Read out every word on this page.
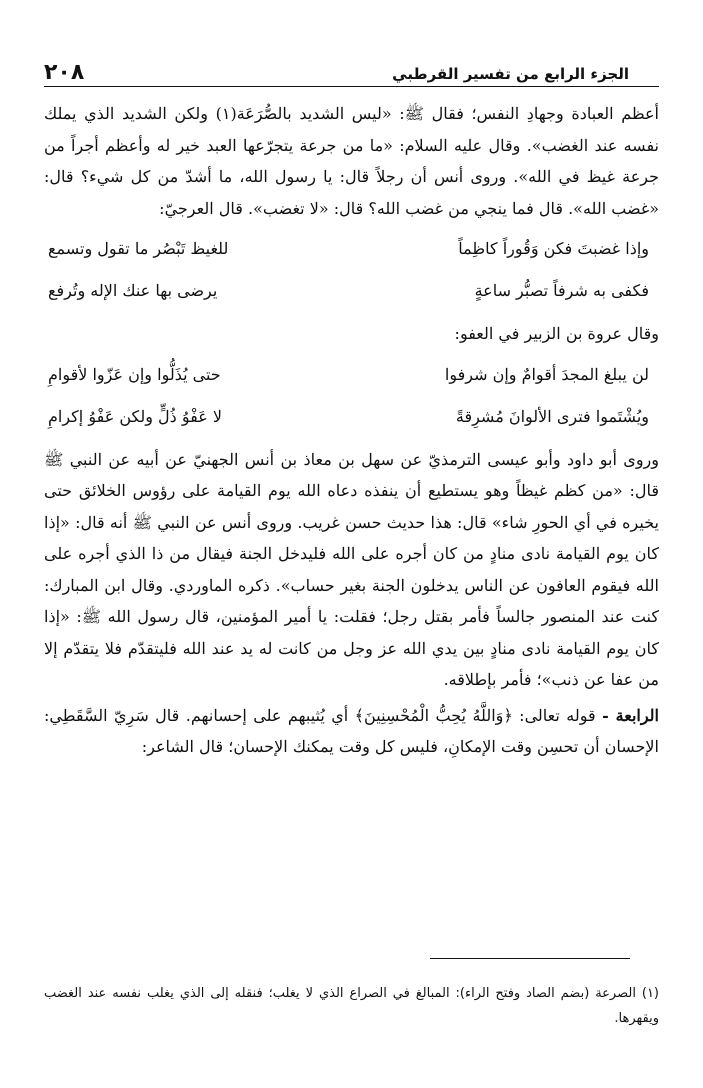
الجزء الرابع من تفسير القرطبي
٢٠٨

أعظم العبادة وجهادِ النفس؛ فقال ﷺ: «ليس الشديد بالصُّرَعَة(١) ولكن الشديد الذي يملك نفسه عند الغضب». وقال عليه السلام: «ما من جرعة يتجرّعها العبد خير له وأعظم أجراً من جرعة غيظ في الله». وروى أنس أن رجلاً قال: يا رسول الله، ما أشدّ من كل شيء؟ قال: «غضب الله». قال فما ينجي من غضب الله؟ قال: «لا تغضب». قال العرجيّ:

وإذا غضبتَ فكن وَقُوراً كاظِماً
للغيظ تَبْصُر ما تقول وتسمع
فكفى به شرفاً تصبُّر ساعةٍ
يرضى بها عنك الإله وتُرفع

وقال عروة بن الزبير في العفو:

لن يبلغ المجدَ أقوامٌ وإن شرفوا
حتى يُذَلُّوا وإن عَزّوا لأقوامِ
ويُشْتَموا فترى الألوانَ مُشرِقةً
لا عَفْوُ ذُلٍّ ولكن عَفْوُ إكرامِ

وروى أبو داود وأبو عيسى الترمذيّ عن سهل بن معاذ بن أنس الجهنيّ عن أبيه عن النبي ﷺ قال: «من كظم غيظاً وهو يستطيع أن ينفذه دعاه الله يوم القيامة على رؤوس الخلائق حتى يخيره في أي الحورِ شاء» قال: هذا حديث حسن غريب. وروى أنس عن النبي ﷺ أنه قال: «إذا كان يوم القيامة نادى منادٍ من كان أجره على الله فليدخل الجنة فيقال من ذا الذي أجره على الله فيقوم العافون عن الناس يدخلون الجنة بغير حساب». ذكره الماوردي. وقال ابن المبارك: كنت عند المنصور جالساً فأمر بقتل رجل؛ فقلت: يا أمير المؤمنين، قال رسول الله ﷺ: «إذا كان يوم القيامة نادى منادٍ بين يدي الله عز وجل من كانت له يد عند الله فليتقدّم فلا يتقدّم إلا من عفا عن ذنب»؛ فأمر بإطلاقه.

الرابعة - قوله تعالى: ﴿وَاللَّهُ يُحِبُّ الْمُحْسِنِينَ﴾ أي يُثيبهم على إحسانهم. قال سَرِيّ السَّقَطِي: الإحسان أن تحسِن وقت الإمكانِ، فليس كل وقت يمكنك الإحسان؛ قال الشاعر:

(١) الصرعة (بضم الصاد وفتح الراء): المبالغ في الصراع الذي لا يغلب؛ فنقله إلى الذي يغلب نفسه عند الغضب ويقهرها.
